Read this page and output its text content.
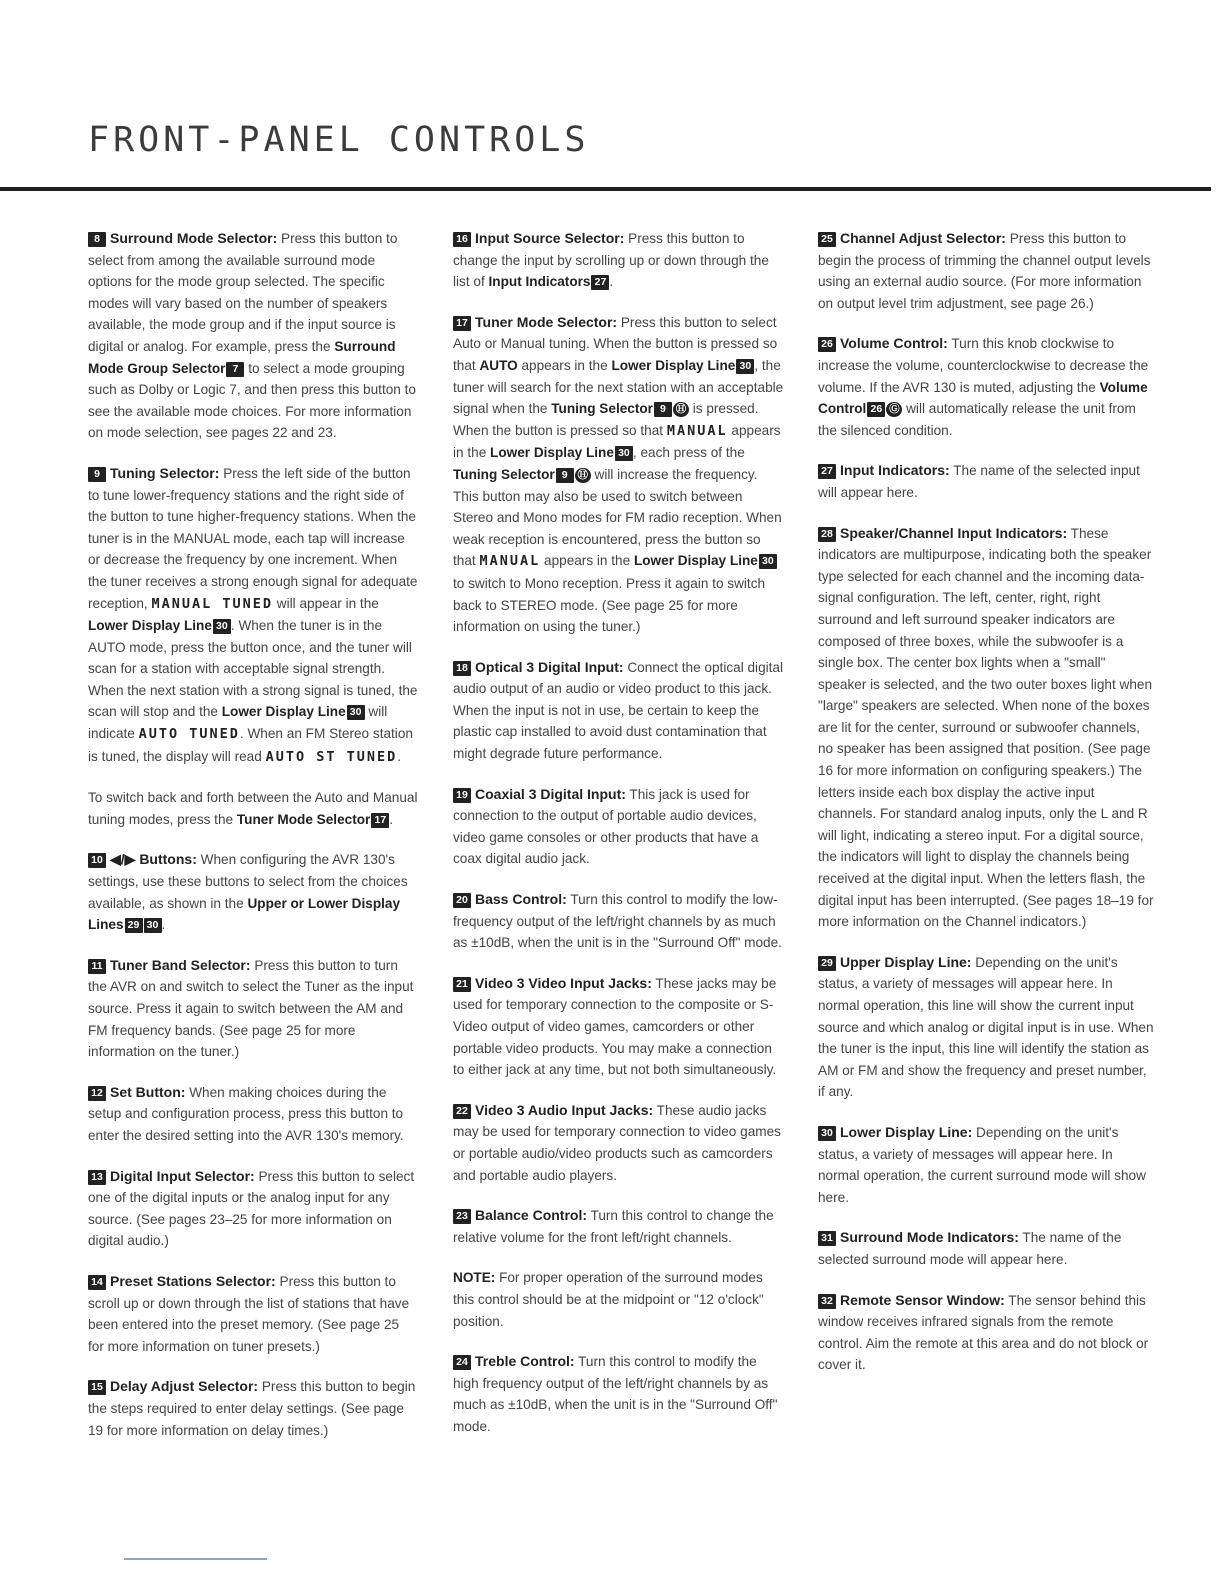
FRONT-PANEL CONTROLS

8 Surround Mode Selector: Press this button to select from among the available surround mode options for the mode group selected. The specific modes will vary based on the number of speakers available, the mode group and if the input source is digital or analog. For example, press the Surround Mode Group Selector 7 to select a mode grouping such as Dolby or Logic 7, and then press this button to see the available mode choices. For more information on mode selection, see pages 22 and 23.

9 Tuning Selector: Press the left side of the button to tune lower-frequency stations and the right side of the button to tune higher-frequency stations. When the tuner is in the MANUAL mode, each tap will increase or decrease the frequency by one increment. When the tuner receives a strong enough signal for adequate reception, MANUAL TUNED will appear in the Lower Display Line 30 . When the tuner is in the AUTO mode, press the button once, and the tuner will scan for a station with acceptable signal strength. When the next station with a strong signal is tuned, the scan will stop and the Lower Display Line 30 will indicate AUTO TUNED. When an FM Stereo station is tuned, the display will read AUTO ST TUNED.

To switch back and forth between the Auto and Manual tuning modes, press the Tuner Mode Selector 17 .

10 ◀/▶ Buttons: When configuring the AVR 130's settings, use these buttons to select from the choices available, as shown in the Upper or Lower Display Lines 29 30 .

11 Tuner Band Selector: Press this button to turn the AVR on and switch to select the Tuner as the input source. Press it again to switch between the AM and FM frequency bands. (See page 25 for more information on the tuner.)

12 Set Button: When making choices during the setup and configuration process, press this button to enter the desired setting into the AVR 130's memory.

13 Digital Input Selector: Press this button to select one of the digital inputs or the analog input for any source. (See pages 23–25 for more information on digital audio.)

14 Preset Stations Selector: Press this button to scroll up or down through the list of stations that have been entered into the preset memory. (See page 25 for more information on tuner presets.)

15 Delay Adjust Selector: Press this button to begin the steps required to enter delay settings. (See page 19 for more information on delay times.)

16 Input Source Selector: Press this button to change the input by scrolling up or down through the list of Input Indicators 27 .

17 Tuner Mode Selector: Press this button to select Auto or Manual tuning. When the button is pressed so that AUTO appears in the Lower Display Line 30 , the tuner will search for the next station with an acceptable signal when the Tuning Selector 9 Ⓗ is pressed. When the button is pressed so that MANUAL appears in the Lower Display Line 30 , each press of the Tuning Selector 9 Ⓗ will increase the frequency. This button may also be used to switch between Stereo and Mono modes for FM radio reception. When weak reception is encountered, press the button so that MANUAL appears in the Lower Display Line 30 to switch to Mono reception. Press it again to switch back to STEREO mode. (See page 25 for more information on using the tuner.)

18 Optical 3 Digital Input: Connect the optical digital audio output of an audio or video product to this jack. When the input is not in use, be certain to keep the plastic cap installed to avoid dust contamination that might degrade future performance.

19 Coaxial 3 Digital Input: This jack is used for connection to the output of portable audio devices, video game consoles or other products that have a coax digital audio jack.

20 Bass Control: Turn this control to modify the low-frequency output of the left/right channels by as much as ±10dB, when the unit is in the "Surround Off" mode.

21 Video 3 Video Input Jacks: These jacks may be used for temporary connection to the composite or S-Video output of video games, camcorders or other portable video products. You may make a connection to either jack at any time, but not both simultaneously.

22 Video 3 Audio Input Jacks: These audio jacks may be used for temporary connection to video games or portable audio/video products such as camcorders and portable audio players.

23 Balance Control: Turn this control to change the relative volume for the front left/right channels.

NOTE: For proper operation of the surround modes this control should be at the midpoint or "12 o'clock" position.

24 Treble Control: Turn this control to modify the high frequency output of the left/right channels by as much as ±10dB, when the unit is in the "Surround Off" mode.

25 Channel Adjust Selector: Press this button to begin the process of trimming the channel output levels using an external audio source. (For more information on output level trim adjustment, see page 26.)

26 Volume Control: Turn this knob clockwise to increase the volume, counterclockwise to decrease the volume. If the AVR 130 is muted, adjusting the Volume Control 26 Ⓖ will automatically release the unit from the silenced condition.

27 Input Indicators: The name of the selected input will appear here.

28 Speaker/Channel Input Indicators: These indicators are multipurpose, indicating both the speaker type selected for each channel and the incoming data-signal configuration. The left, center, right, right surround and left surround speaker indicators are composed of three boxes, while the subwoofer is a single box. The center box lights when a "small" speaker is selected, and the two outer boxes light when "large" speakers are selected. When none of the boxes are lit for the center, surround or subwoofer channels, no speaker has been assigned that position. (See page 16 for more information on configuring speakers.) The letters inside each box display the active input channels. For standard analog inputs, only the L and R will light, indicating a stereo input. For a digital source, the indicators will light to display the channels being received at the digital input. When the letters flash, the digital input has been interrupted. (See pages 18–19 for more information on the Channel indicators.)

29 Upper Display Line: Depending on the unit's status, a variety of messages will appear here. In normal operation, this line will show the current input source and which analog or digital input is in use. When the tuner is the input, this line will identify the station as AM or FM and show the frequency and preset number, if any.

30 Lower Display Line: Depending on the unit's status, a variety of messages will appear here. In normal operation, the current surround mode will show here.

31 Surround Mode Indicators: The name of the selected surround mode will appear here.

32 Remote Sensor Window: The sensor behind this window receives infrared signals from the remote control. Aim the remote at this area and do not block or cover it.
